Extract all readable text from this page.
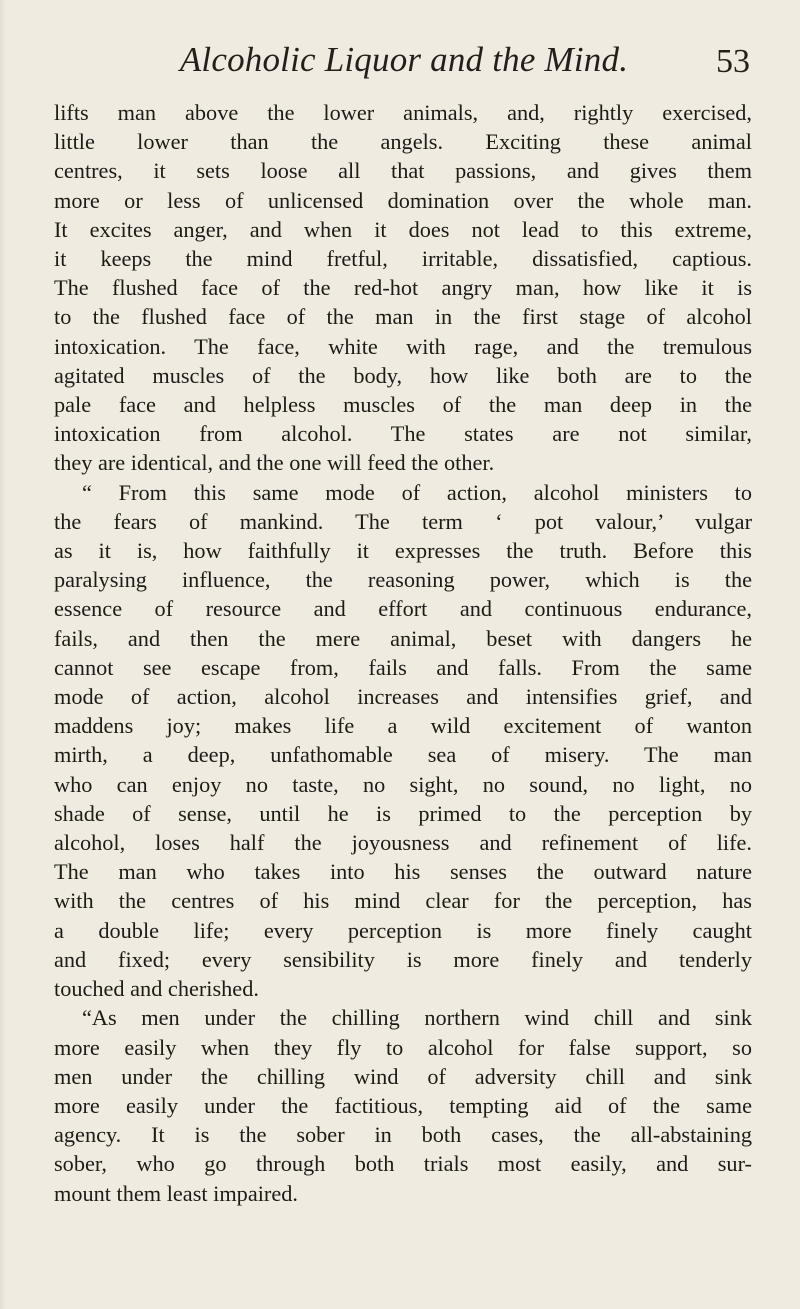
Alcoholic Liquor and the Mind.	53
lifts man above the lower animals, and, rightly exercised,
little lower than the angels. Exciting these animal
centres, it sets loose all that passions, and gives them
more or less of unlicensed domination over the whole man.
It excites anger, and when it does not lead to this extreme,
it keeps the mind fretful, irritable, dissatisfied, captious.
The flushed face of the red-hot angry man, how like it is
to the flushed face of the man in the first stage of alcohol
intoxication. The face, white with rage, and the tremulous
agitated muscles of the body, how like both are to the
pale face and helpless muscles of the man deep in the
intoxication from alcohol. The states are not similar,
they are identical, and the one will feed the other.
“ From this same mode of action, alcohol ministers to
the fears of mankind. The term ‘ pot valour,’ vulgar
as it is, how faithfully it expresses the truth. Before this
paralysing influence, the reasoning power, which is the
essence of resource and effort and continuous endurance,
fails, and then the mere animal, beset with dangers he
cannot see escape from, fails and falls. From the same
mode of action, alcohol increases and intensifies grief, and
maddens joy; makes life a wild excitement of wanton
mirth, a deep, unfathomable sea of misery. The man
who can enjoy no taste, no sight, no sound, no light, no
shade of sense, until he is primed to the perception by
alcohol, loses half the joyousness and refinement of life.
The man who takes into his senses the outward nature
with the centres of his mind clear for the perception, has
a double life; every perception is more finely caught
and fixed; every sensibility is more finely and tenderly
touched and cherished.
“As men under the chilling northern wind chill and sink
more easily when they fly to alcohol for false support, so
men under the chilling wind of adversity chill and sink
more easily under the factitious, tempting aid of the same
agency. It is the sober in both cases, the all-abstaining
sober, who go through both trials most easily, and sur-
mount them least impaired.
